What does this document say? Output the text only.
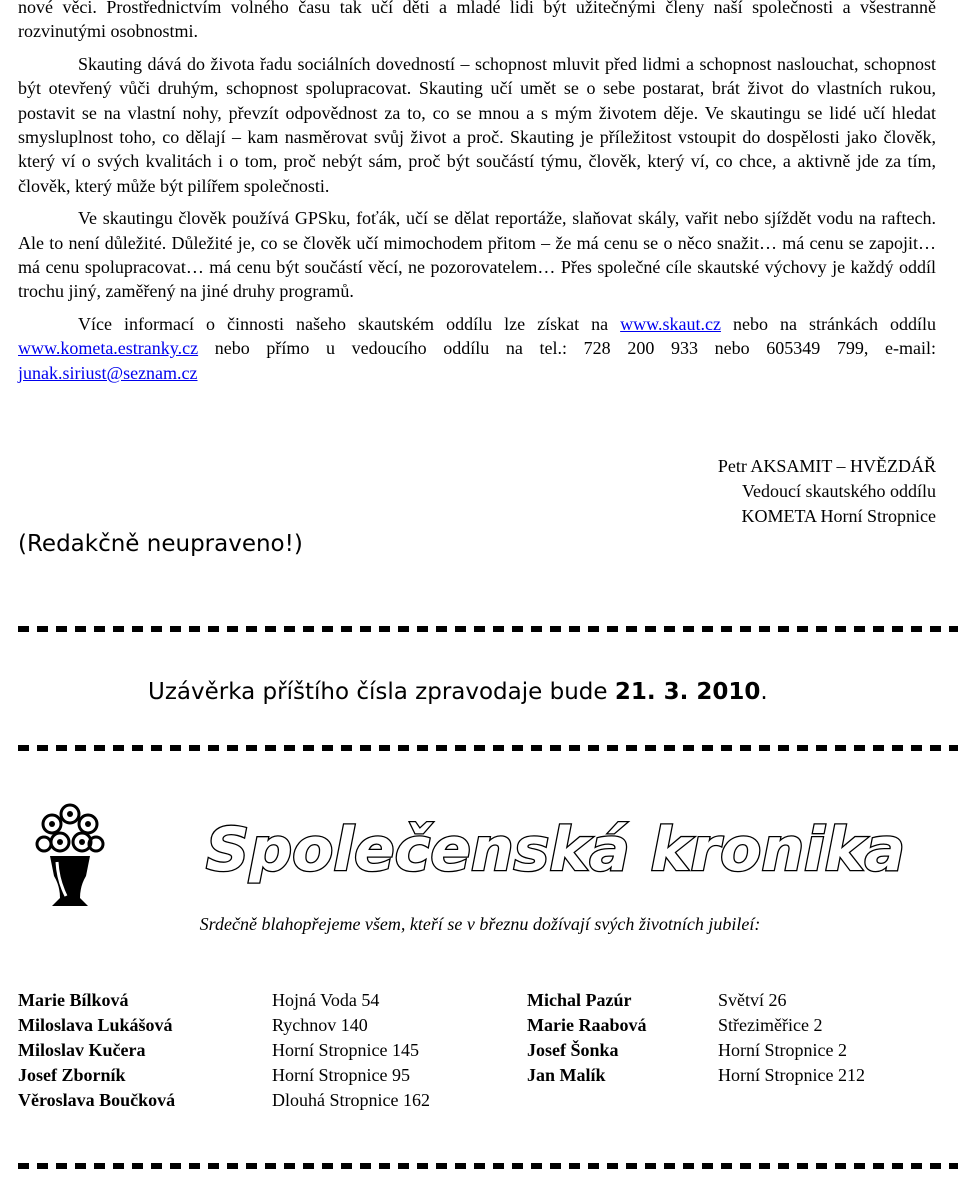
nové věci. Prostřednictvím volného času tak učí děti a mladé lidi být užitečnými členy naší společnosti a všestranně rozvinutými osobnostmi.

Skauting dává do života řadu sociálních dovedností – schopnost mluvit před lidmi a schopnost naslouchat, schopnost být otevřený vůči druhým, schopnost spolupracovat. Skauting učí umět se o sebe postarat, brát život do vlastních rukou, postavit se na vlastní nohy, převzít odpovědnost za to, co se mnou a s mým životem děje. Ve skautingu se lidé učí hledat smysluplnost toho, co dělají – kam nasměrovat svůj život a proč. Skauting je příležitost vstoupit do dospělosti jako člověk, který ví o svých kvalitách i o tom, proč nebýt sám, proč být součástí týmu, člověk, který ví, co chce, a aktivně jde za tím, člověk, který může být pilířem společnosti.

Ve skautingu člověk používá GPSku, foťák, učí se dělat reportáže, slaňovat skály, vařit nebo sjíždět vodu na raftech. Ale to není důležité. Důležité je, co se člověk učí mimochodem přitom – že má cenu se o něco snažit… má cenu se zapojit… má cenu spolupracovat… má cenu být součástí věcí, ne pozorovatelem… Přes společné cíle skautské výchovy je každý oddíl trochu jiný, zaměřený na jiné druhy programů.

Více informací o činnosti našeho skautském oddílu lze získat na www.skaut.cz nebo na stránkách oddílu www.kometa.estranky.cz nebo přímo u vedoucího oddílu na tel.: 728 200 933 nebo 605349 799, e-mail: junak.siriust@seznam.cz

Petr AKSAMIT – HVĚZDÁŘ
Vedoucí skautského oddílu
KOMETA Horní Stropnice
(Redakčně neupraveno!)
Uzávěrka příštího čísla zpravodaje bude 21. 3. 2010.
Společenská kronika
Srdečně blahopřejeme všem, kteří se v březnu dožívají svých životních jubileí:
Marie Bílková	Hojná Voda 54
Miloslava Lukášová	Rychnov 140
Miloslav Kučera	Horní Stropnice 145
Josef Zborník	Horní Stropnice 95
Věroslava Boučková	Dlouhá Stropnice 162
Michal Pazúr	Světví 26
Marie Raabová	Střeziměřice 2
Josef Šonka	Horní Stropnice 2
Jan Malík	Horní Stropnice 212
